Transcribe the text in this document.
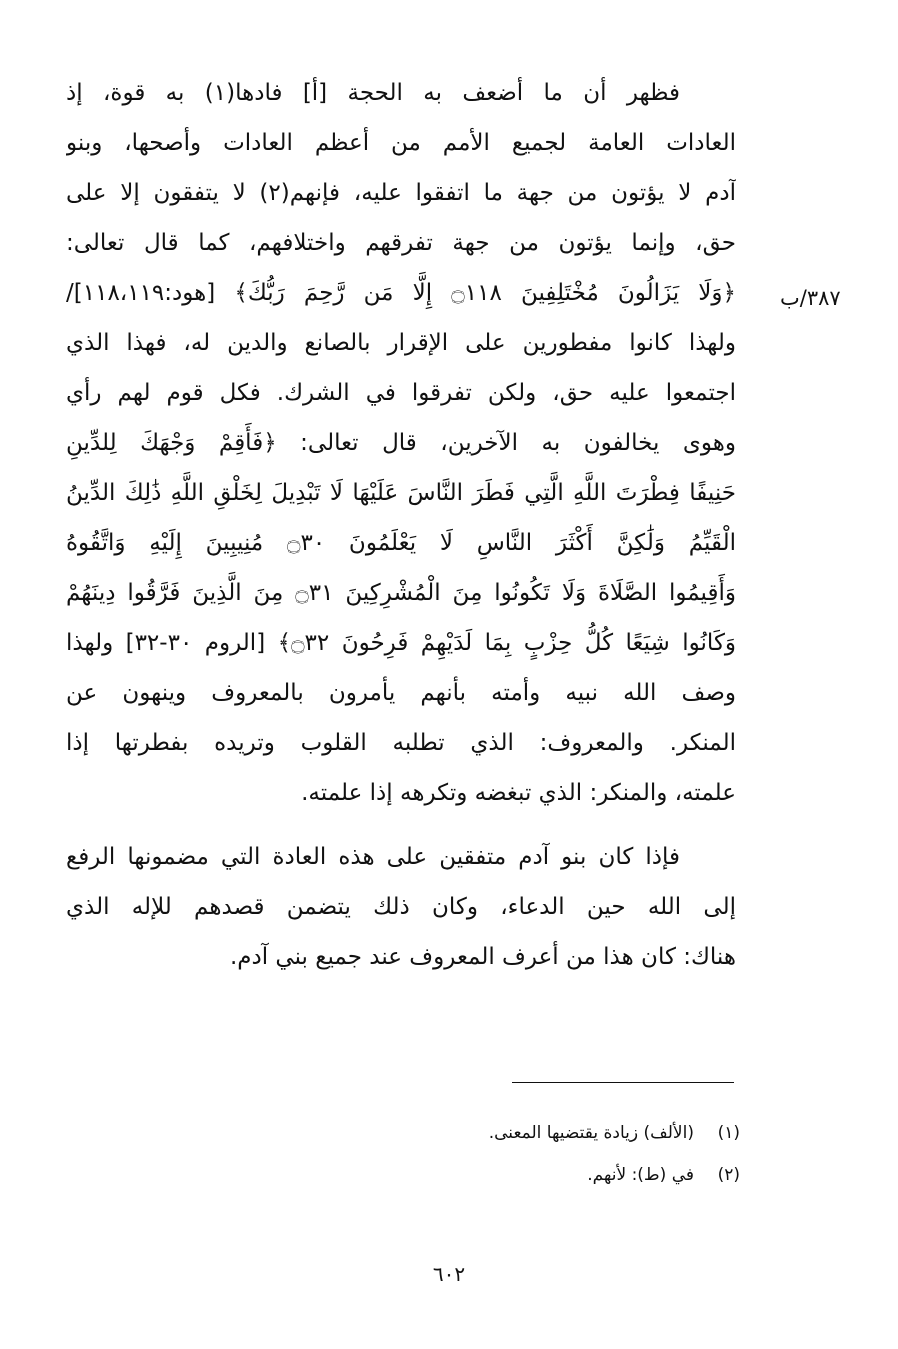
٣٨٧/ب
فظهر أن ما أضعف به الحجة [أ] فادها(١) به قوة، إذ
العادات العامة لجميع الأمم من أعظم العادات وأصحها، وبنو
آدم لا يؤتون من جهة ما اتفقوا عليه، فإنهم(٢) لا يتفقون إلا على
حق، وإنما يؤتون من جهة تفرقهم واختلافهم، كما قال تعالى:
﴿وَلَا يَزَالُونَ مُخْتَلِفِينَ ۝١١٨ إِلَّا مَن رَّحِمَ رَبُّكَ﴾ [هود:١١٨،١١٩]/
ولهذا كانوا مفطورين على الإقرار بالصانع والدين له، فهذا الذي
اجتمعوا عليه حق، ولكن تفرقوا في الشرك. فكل قوم لهم رأي
وهوى يخالفون به الآخرين، قال تعالى: ﴿فَأَقِمْ وَجْهَكَ لِلدِّينِ
حَنِيفًا فِطْرَتَ اللَّهِ الَّتِي فَطَرَ النَّاسَ عَلَيْهَا لَا تَبْدِيلَ لِخَلْقِ اللَّهِ ذَٰلِكَ الدِّينُ
الْقَيِّمُ وَلَٰكِنَّ أَكْثَرَ النَّاسِ لَا يَعْلَمُونَ ۝٣٠ مُنِيبِينَ إِلَيْهِ وَاتَّقُوهُ
وَأَقِيمُوا الصَّلَاةَ وَلَا تَكُونُوا مِنَ الْمُشْرِكِينَ ۝٣١ مِنَ الَّذِينَ فَرَّقُوا دِينَهُمْ
وَكَانُوا شِيَعًا كُلُّ حِزْبٍ بِمَا لَدَيْهِمْ فَرِحُونَ ۝٣٢﴾ [الروم ٣٠-٣٢] ولهذا
وصف الله نبيه وأمته بأنهم يأمرون بالمعروف وينهون عن
المنكر. والمعروف: الذي تطلبه القلوب وتريده بفطرتها إذا
علمته، والمنكر: الذي تبغضه وتكرهه إذا علمته.
فإذا كان بنو آدم متفقين على هذه العادة التي مضمونها الرفع
إلى الله حين الدعاء، وكان ذلك يتضمن قصدهم للإله الذي
هناك: كان هذا من أعرف المعروف عند جميع بني آدم.
(١)(الألف) زيادة يقتضيها المعنى.
(٢)في (ط): لأنهم.
٦٠٢
